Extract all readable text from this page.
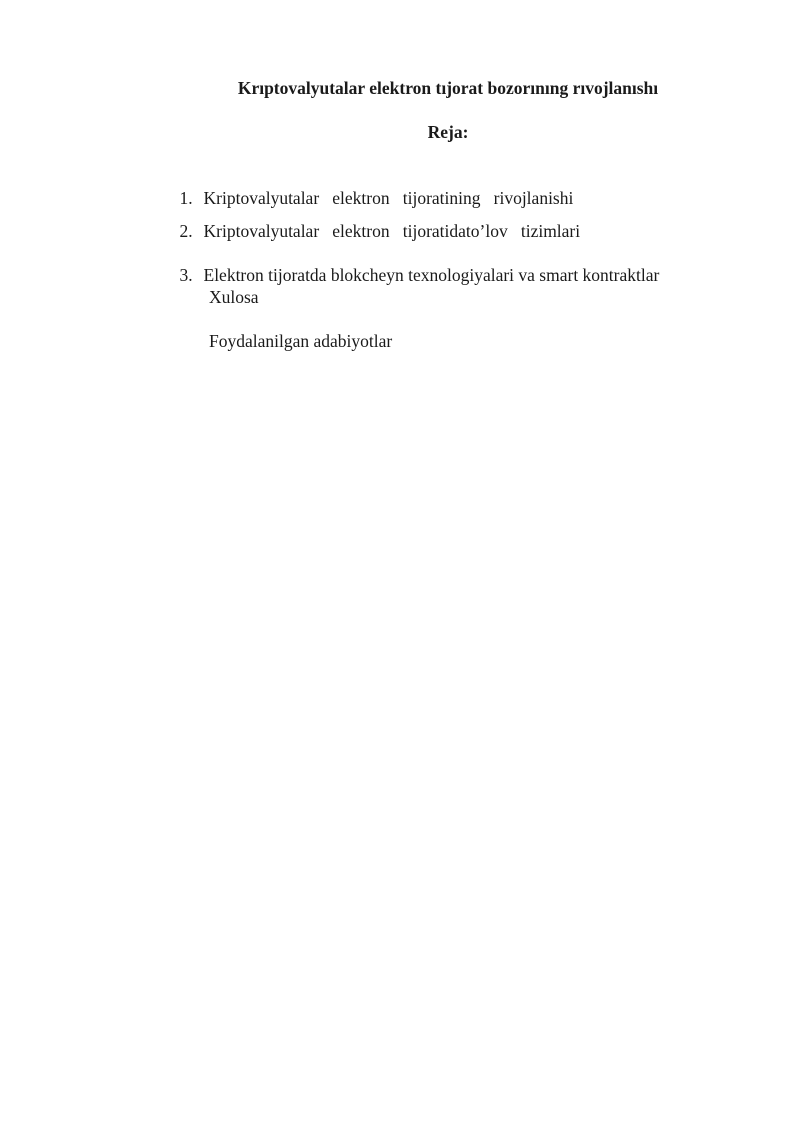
Krıptovalyutalar elektron tıjorat bozorınıng rıvojlanıshı
Reja:

1. Kriptovalyutalar   elektron   tijoratining   rivojlanishi

2. Kriptovalyutalar   elektron   tijoratidato’lov   tizimlari

3. Elektron tijoratda blokcheyn texnologiyalari va smart kontraktlar

Xulosa
Foydalanilgan adabiyotlar
